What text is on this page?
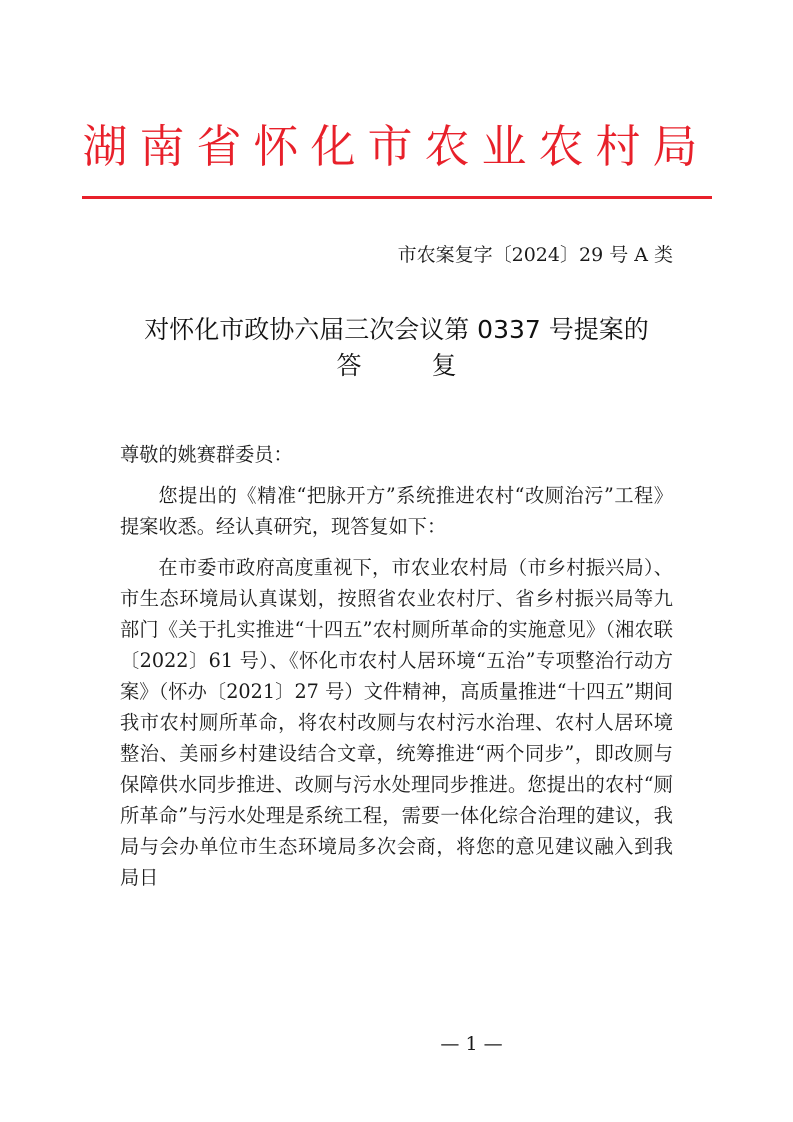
湖南省怀化市农业农村局
市农案复字〔2024〕29 号 A 类
对怀化市政协六届三次会议第 0337 号提案的
答复

尊敬的姚赛群委员：

您提出的《精准“把脉开方”系统推进农村“改厕治污”工程》提案收悉。经认真研究，现答复如下：

在市委市政府高度重视下，市农业农村局（市乡村振兴局）、市生态环境局认真谋划，按照省农业农村厅、省乡村振兴局等九部门《关于扎实推进“十四五”农村厕所革命的实施意见》（湘农联〔2022〕61 号）、《怀化市农村人居环境“五治”专项整治行动方案》（怀办〔2021〕27 号）文件精神，高质量推进“十四五”期间我市农村厕所革命，将农村改厕与农村污水治理、农村人居环境整治、美丽乡村建设结合文章，统筹推进“两个同步”，即改厕与保障供水同步推进、改厕与污水处理同步推进。您提出的农村“厕所革命”与污水处理是系统工程，需要一体化综合治理的建议，我局与会办单位市生态环境局多次会商，将您的意见建议融入到我局日

— 1 —
